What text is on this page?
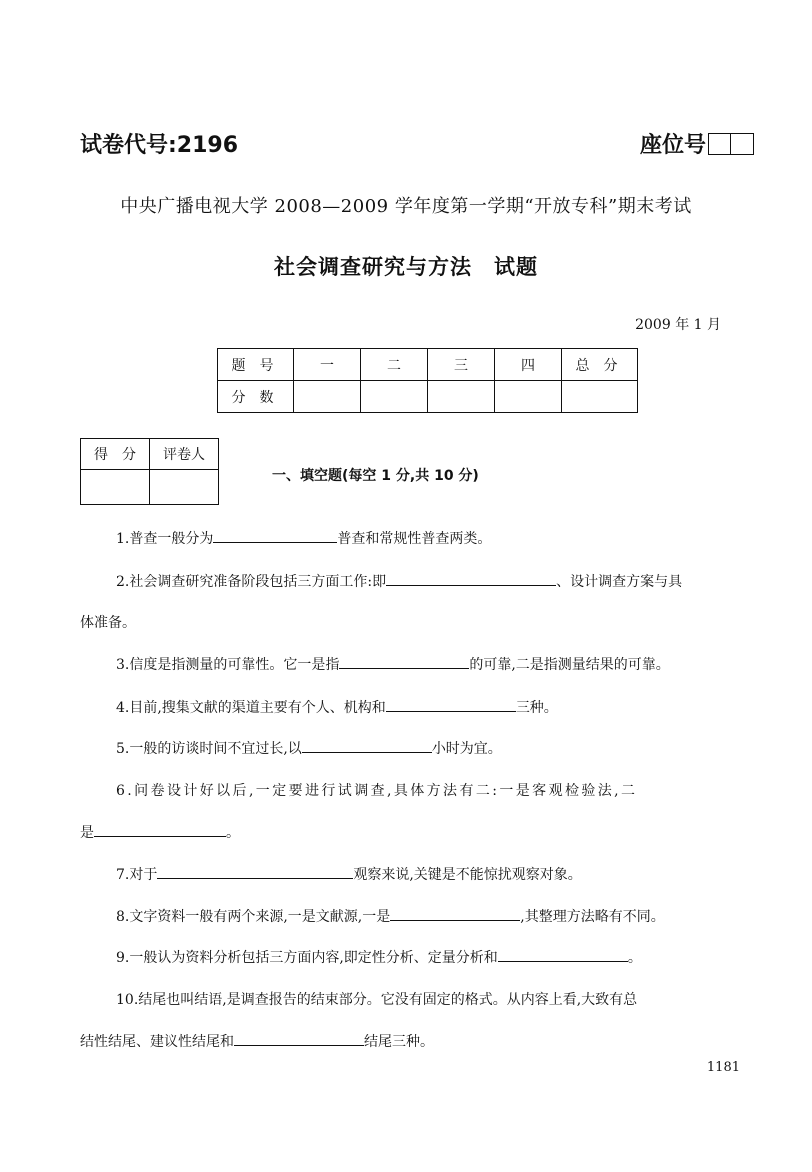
试卷代号:2196	座位号
中央广播电视大学 2008—2009 学年度第一学期“开放专科”期末考试
社会调查研究与方法　试题
2009 年 1 月
题号	一	二	三	四	总分
分数					
得　分	评卷人

一、填空题(每空 1 分,共 10 分)
1.普查一般分为	普查和常规性普查两类。
2.社会调查研究准备阶段包括三方面工作:即	、设计调查方案与具
体准备。
3.信度是指测量的可靠性。它一是指	的可靠,二是指测量结果的可靠。
4.目前,搜集文献的渠道主要有个人、机构和	三种。
5.一般的访谈时间不宜过长,以	小时为宜。
6.问卷设计好以后,一定要进行试调查,具体方法有二:一是客观检验法,二
是	。
7.对于	观察来说,关键是不能惊扰观察对象。
8.文字资料一般有两个来源,一是文献源,一是	,其整理方法略有不同。
9.一般认为资料分析包括三方面内容,即定性分析、定量分析和	。
10.结尾也叫结语,是调查报告的结束部分。它没有固定的格式。从内容上看,大致有总
结性结尾、建议性结尾和	结尾三种。
1181
